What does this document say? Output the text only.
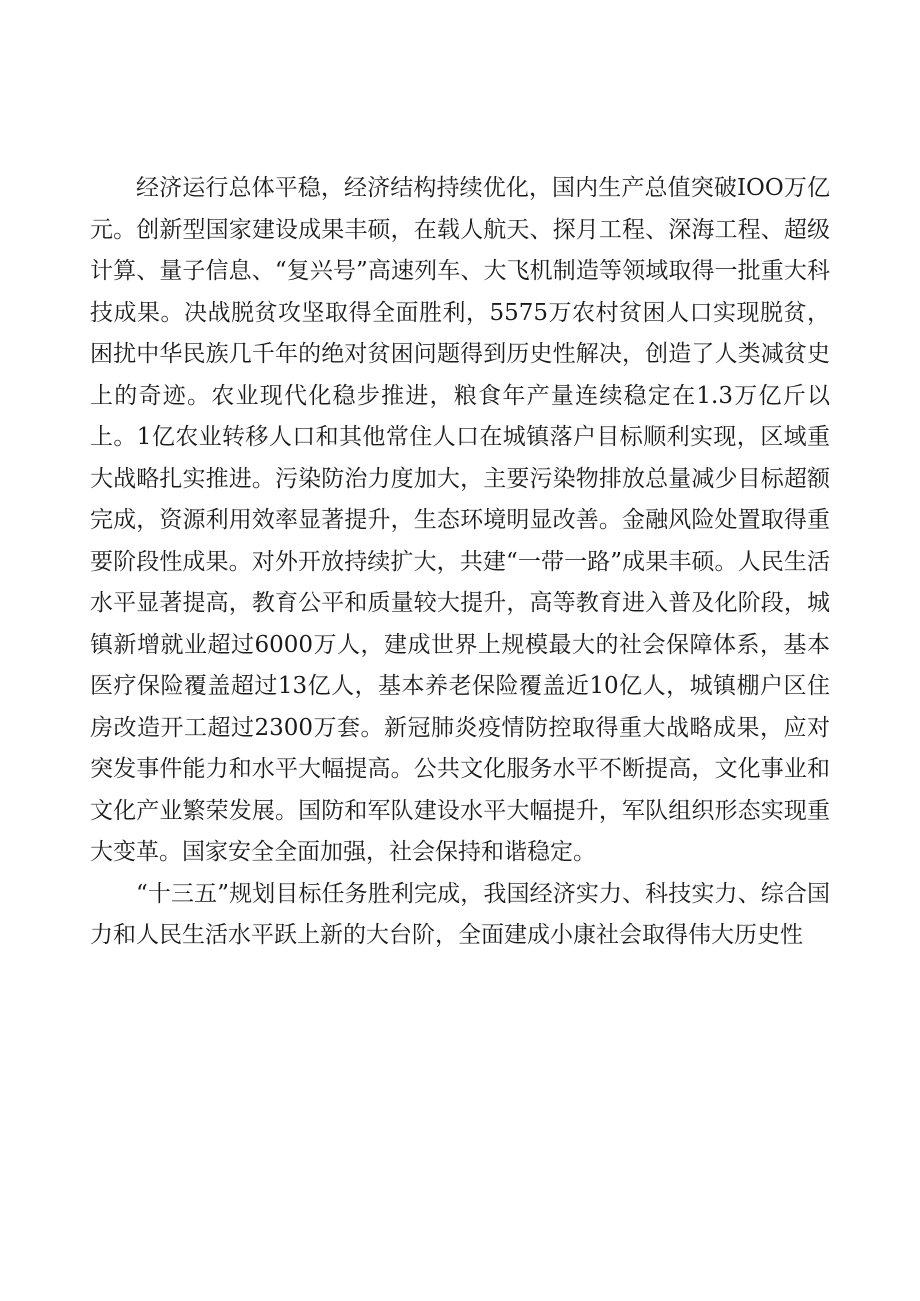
经济运行总体平稳，经济结构持续优化，国内生产总值突破IOO万亿元。创新型国家建设成果丰硕，在载人航天、探月工程、深海工程、超级计算、量子信息、“复兴号”高速列车、大飞机制造等领域取得一批重大科技成果。决战脱贫攻坚取得全面胜利，5575万农村贫困人口实现脱贫，困扰中华民族几千年的绝对贫困问题得到历史性解决，创造了人类减贫史上的奇迹。农业现代化稳步推进，粮食年产量连续稳定在1.3万亿斤以上。1亿农业转移人口和其他常住人口在城镇落户目标顺利实现，区域重大战略扎实推进。污染防治力度加大，主要污染物排放总量减少目标超额完成，资源利用效率显著提升，生态环境明显改善。金融风险处置取得重要阶段性成果。对外开放持续扩大，共建“一带一路”成果丰硕。人民生活水平显著提高，教育公平和质量较大提升，高等教育进入普及化阶段，城镇新增就业超过6000万人，建成世界上规模最大的社会保障体系，基本医疗保险覆盖超过13亿人，基本养老保险覆盖近10亿人，城镇棚户区住房改造开工超过2300万套。新冠肺炎疫情防控取得重大战略成果，应对突发事件能力和水平大幅提高。公共文化服务水平不断提高，文化事业和文化产业繁荣发展。国防和军队建设水平大幅提升，军队组织形态实现重大变革。国家安全全面加强，社会保持和谐稳定。

“十三五”规划目标任务胜利完成，我国经济实力、科技实力、综合国力和人民生活水平跃上新的大台阶，全面建成小康社会取得伟大历史性
